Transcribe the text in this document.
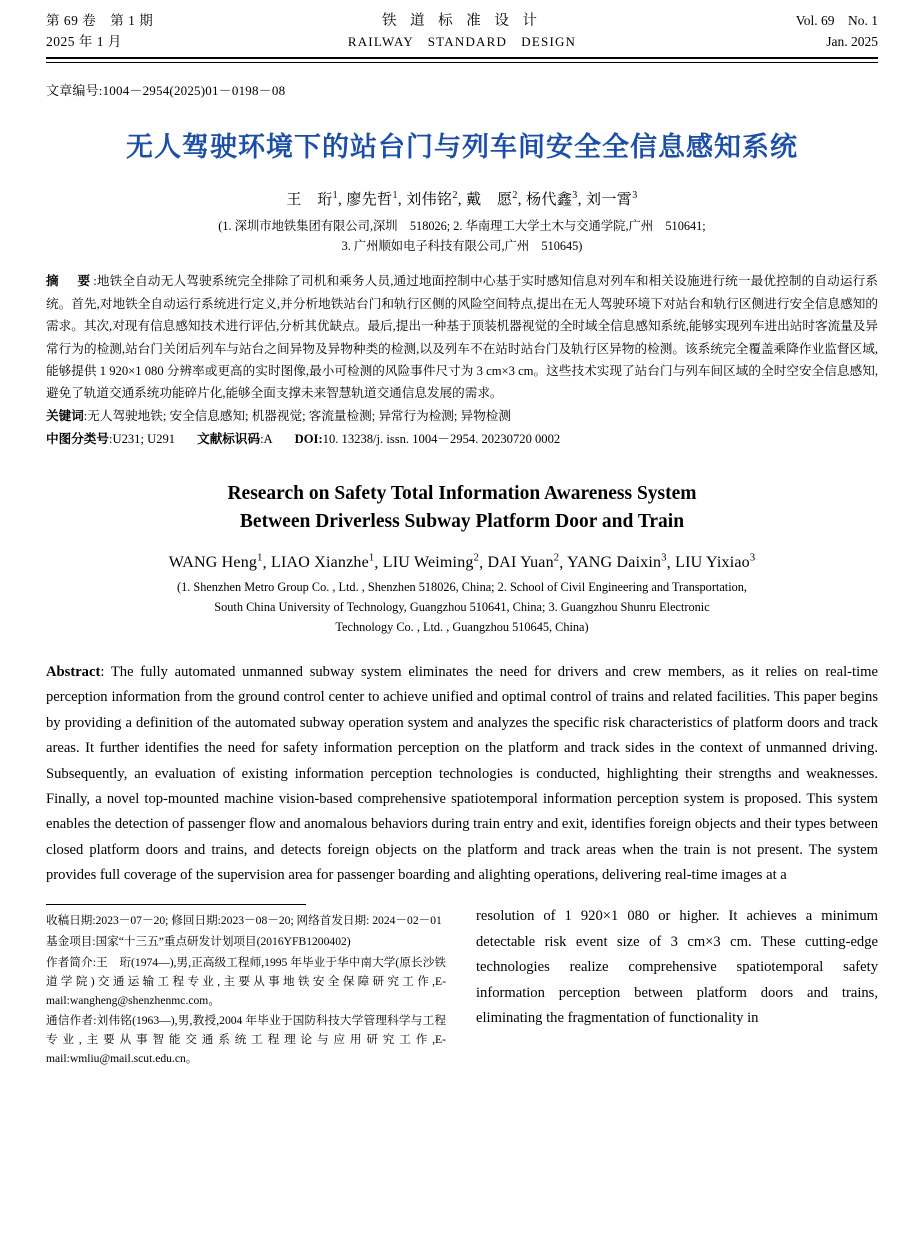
第 69 卷　第 1 期	铁 道 标 准 设 计	Vol. 69　No. 1
2025 年 1 月	RAILWAY　STANDARD　DESIGN	Jan. 2025
文章编号:1004－2954(2025)01－0198－08
无人驾驶环境下的站台门与列车间安全全信息感知系统
王　珩$^1$, 廖先哲$^1$, 刘伟铭$^2$, 戴　愿$^2$, 杨代鑫$^3$, 刘一霄$^3$
(1. 深圳市地铁集团有限公司,深圳　518026; 2. 华南理工大学土木与交通学院,广州　510641;
3. 广州顺如电子科技有限公司,广州　510645)
摘　要:地铁全自动无人驾驶系统完全排除了司机和乘务人员,通过地面控制中心基于实时感知信息对列车和相关设施进行统一最优控制的自动运行系统。首先,对地铁全自动运行系统进行定义,并分析地铁站台门和轨行区侧的风险空间特点,提出在无人驾驶环境下对站台和轨行区侧进行安全信息感知的需求。其次,对现有信息感知技术进行评估,分析其优缺点。最后,提出一种基于顶装机器视觉的全时域全信息感知系统,能够实现列车进出站时客流量及异常行为的检测,站台门关闭后列车与站台之间异物及异物种类的检测,以及列车不在站时站台门及轨行区异物的检测。该系统完全覆盖乘降作业监督区域,能够提供 1 920×1 080 分辨率或更高的实时图像,最小可检测的风险事件尺寸为 3 cm×3 cm。这些技术实现了站台门与列车间区域的全时空安全信息感知,避免了轨道交通系统功能碎片化,能够全面支撑未来智慧轨道交通信息发展的需求。
关键词:无人驾驶地铁; 安全信息感知; 机器视觉; 客流量检测; 异常行为检测; 异物检测
中图分类号:U231; U291 文献标识码:A DOI:10. 13238/j. issn. 1004－2954. 20230720 0002
Research on Safety Total Information Awareness System
Between Driverless Subway Platform Door and Train
WANG Heng$^1$, LIAO Xianzhe$^1$, LIU Weiming$^2$, DAI Yuan$^2$, YANG Daixin$^3$, LIU Yixiao$^3$
(1. Shenzhen Metro Group Co. , Ltd. , Shenzhen 518026, China; 2. School of Civil Engineering and Transportation,
South China University of Technology, Guangzhou 510641, China; 3. Guangzhou Shunru Electronic
Technology Co. , Ltd. , Guangzhou 510645, China)
Abstract: The fully automated unmanned subway system eliminates the need for drivers and crew members, as it relies on real-time perception information from the ground control center to achieve unified and optimal control of trains and related facilities. This paper begins by providing a definition of the automated subway operation system and analyzes the specific risk characteristics of platform doors and track areas. It further identifies the need for safety information perception on the platform and track sides in the context of unmanned driving. Subsequently, an evaluation of existing information perception technologies is conducted, highlighting their strengths and weaknesses. Finally, a novel top-mounted machine vision-based comprehensive spatiotemporal information perception system is proposed. This system enables the detection of passenger flow and anomalous behaviors during train entry and exit, identifies foreign objects and their types between closed platform doors and trains, and detects foreign objects on the platform and track areas when the train is not present. The system provides full coverage of the supervision area for passenger boarding and alighting operations, delivering real-time images at a

收稿日期:2023－07－20; 修回日期:2023－08－20; 网络首发日期: 2024－02－01

基金项目:国家“十三五”重点研发计划项目(2016YFB1200402)

作者简介:王　珩(1974—),男,正高级工程师,1995 年毕业于华中南大学(原长沙铁道学院)交通运输工程专业,主要从事地铁安全保障研究工作,E-mail:wangheng@shenzhenmc.com。

通信作者:刘伟铭(1963—),男,教授,2004 年毕业于国防科技大学管理科学与工程专业,主要从事智能交通系统工程理论与应用研究工作,E-mail:wmliu@mail.scut.edu.cn。

resolution of 1 920×1 080 or higher. It achieves a minimum detectable risk event size of 3 cm×3 cm. These cutting-edge technologies realize comprehensive spatiotemporal safety information perception between platform doors and trains, eliminating the fragmentation of functionality in
